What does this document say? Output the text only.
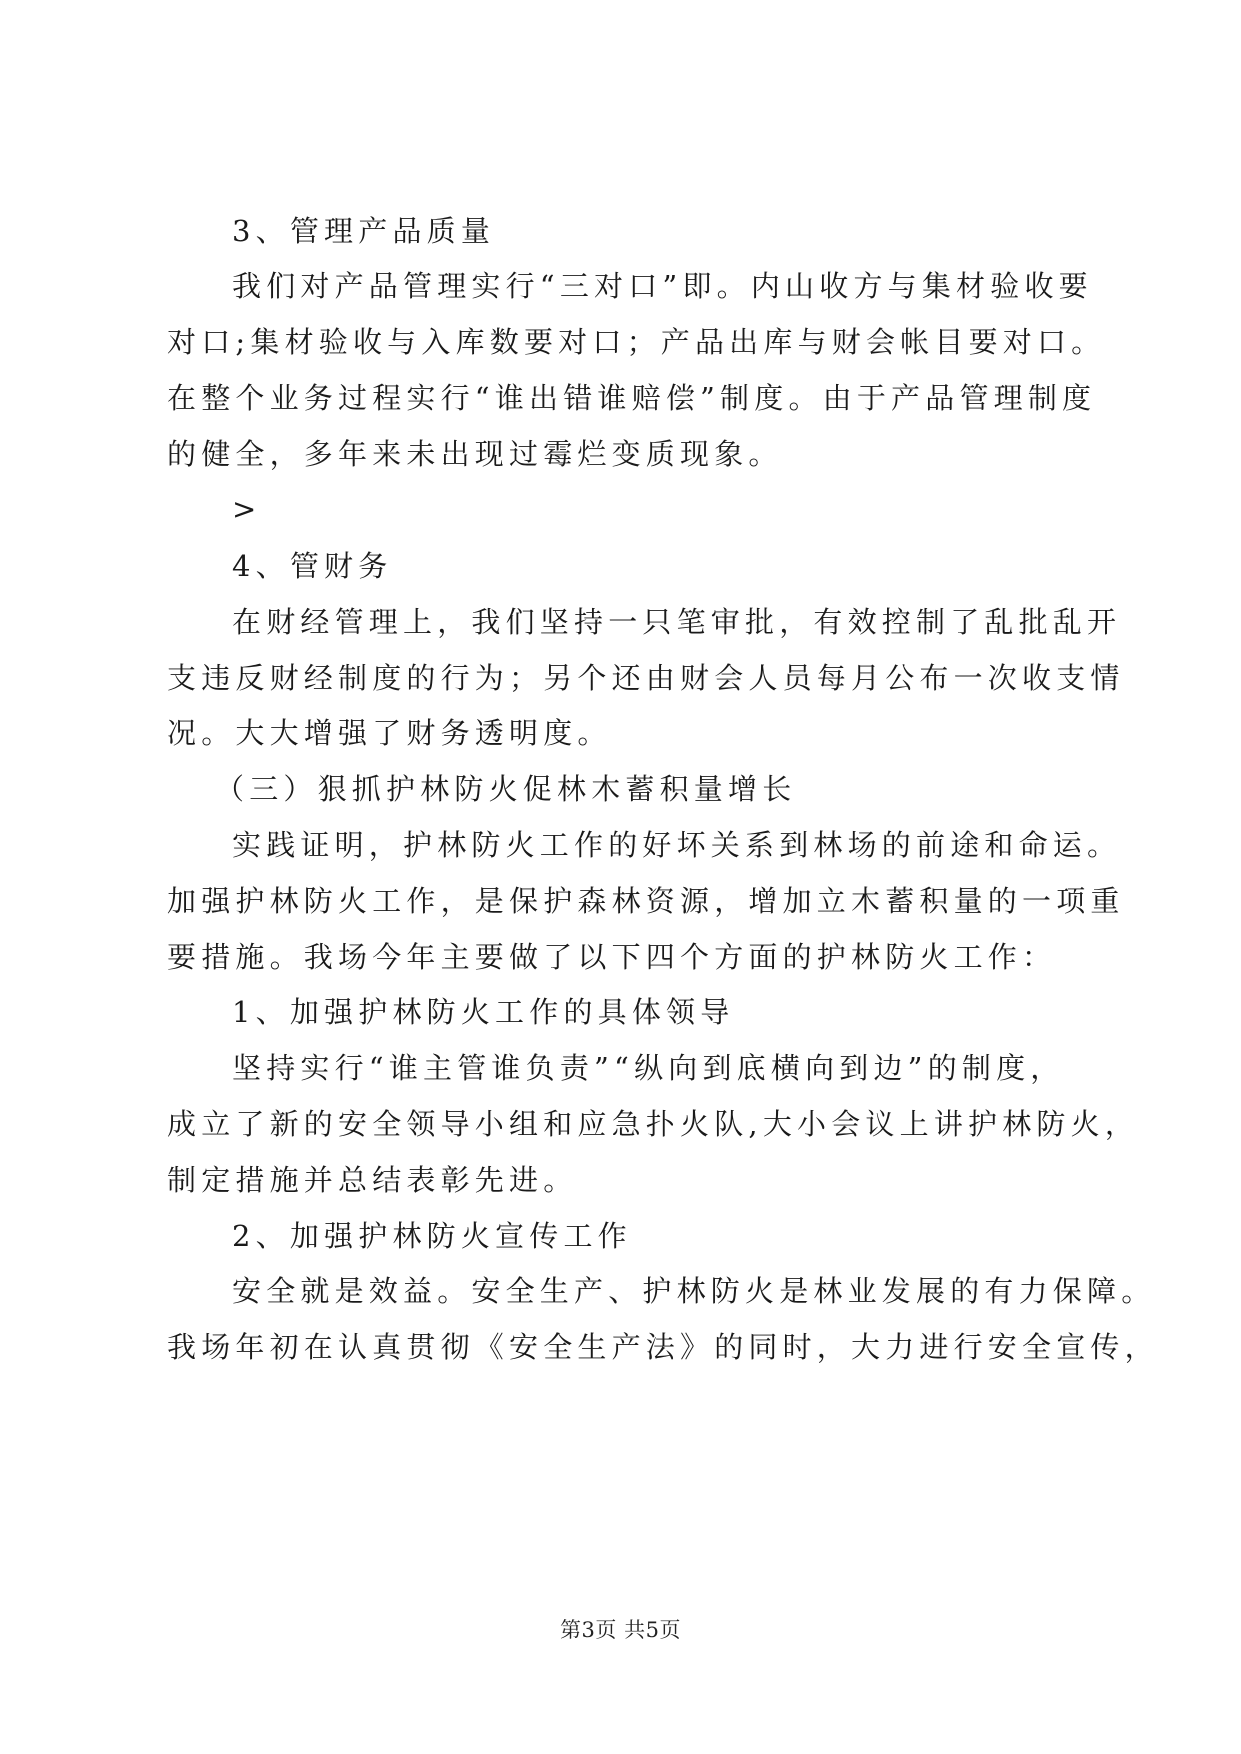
3、管理产品质量
我们对产品管理实行“三对口”即。内山收方与集材验收要
对口;集材验收与入库数要对口；产品出库与财会帐目要对口。
在整个业务过程实行“谁出错谁赔偿”制度。由于产品管理制度
的健全，多年来未出现过霉烂变质现象。
>
4、管财务
在财经管理上，我们坚持一只笔审批，有效控制了乱批乱开
支违反财经制度的行为；另个还由财会人员每月公布一次收支情
况。大大增强了财务透明度。
（三）狠抓护林防火促林木蓄积量增长
实践证明，护林防火工作的好坏关系到林场的前途和命运。
加强护林防火工作，是保护森林资源，增加立木蓄积量的一项重
要措施。我场今年主要做了以下四个方面的护林防火工作：
1、加强护林防火工作的具体领导
坚持实行“谁主管谁负责”“纵向到底横向到边”的制度，
成立了新的安全领导小组和应急扑火队,大小会议上讲护林防火，
制定措施并总结表彰先进。
2、加强护林防火宣传工作
安全就是效益。安全生产、护林防火是林业发展的有力保障。
我场年初在认真贯彻《安全生产法》的同时，大力进行安全宣传，
第3页 共5页
